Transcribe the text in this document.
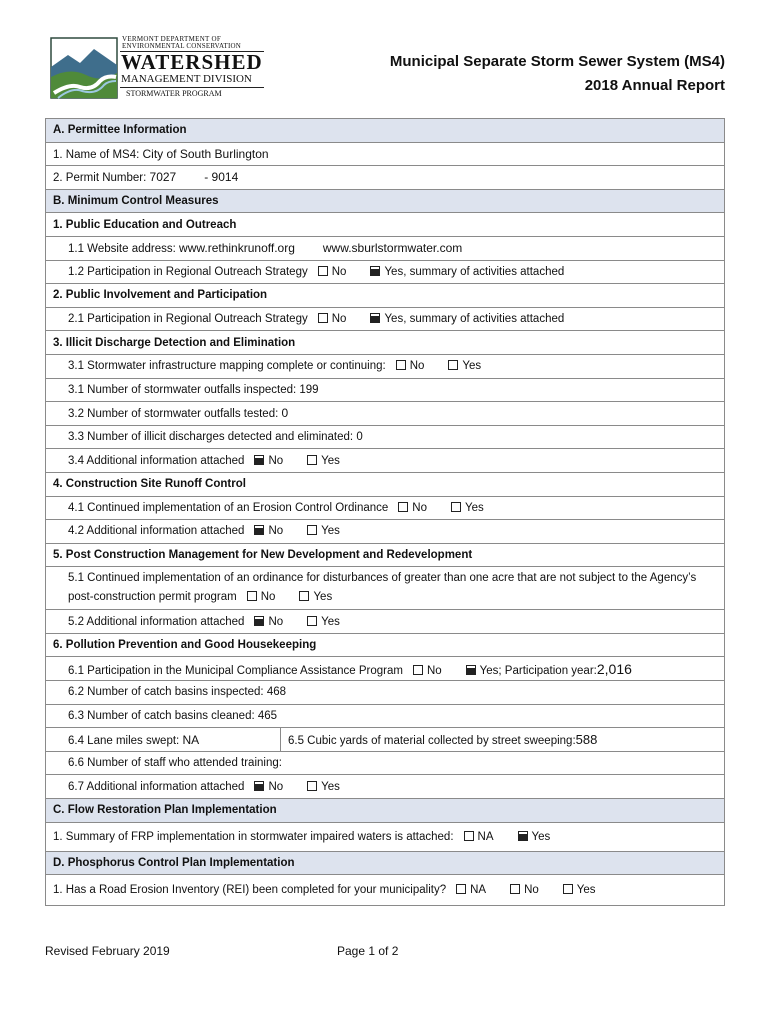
VERMONT DEPARTMENT OF
ENVIRONMENTAL CONSERVATION
WATERSHED
MANAGEMENT DIVISION
STORMWATER PROGRAM
Municipal Separate Storm Sewer System (MS4)
2018 Annual Report
A. Permittee Information
1. Name of MS4: City of South Burlington
2. Permit Number: 7027 - 9014
B. Minimum Control Measures
1. Public Education and Outreach
1.1 Website address: www.rethinkrunoff.org www.sburlstormwater.com
1.2 Participation in Regional Outreach Strategy No	Yes, summary of activities attached
2. Public Involvement and Participation
2.1 Participation in Regional Outreach Strategy No	Yes, summary of activities attached
3. Illicit Discharge Detection and Elimination
3.1 Stormwater infrastructure mapping complete or continuing: No	Yes
3.1 Number of stormwater outfalls inspected: 199
3.2 Number of stormwater outfalls tested: 0
3.3 Number of illicit discharges detected and eliminated: 0
3.4 Additional information attached No	Yes
4. Construction Site Runoff Control
4.1 Continued implementation of an Erosion Control Ordinance No	Yes
4.2 Additional information attached No	Yes
5. Post Construction Management for New Development and Redevelopment
5.1 Continued implementation of an ordinance for disturbances of greater than one acre that are not subject to the Agency’s post-construction permit program No	Yes
5.2 Additional information attached No	Yes
6. Pollution Prevention and Good Housekeeping
6.1 Participation in the Municipal Compliance Assistance Program No	Yes; Participation year:2,016
6.2 Number of catch basins inspected: 468
6.3 Number of catch basins cleaned: 465
6.4 Lane miles swept: NA	6.5 Cubic yards of material collected by street sweeping:588
6.6 Number of staff who attended training:
6.7 Additional information attached No	Yes
C. Flow Restoration Plan Implementation
1. Summary of FRP implementation in stormwater impaired waters is attached: NA	Yes
D. Phosphorus Control Plan Implementation
1. Has a Road Erosion Inventory (REI) been completed for your municipality? NA	No	Yes
Revised February 2019	Page 1 of 2
